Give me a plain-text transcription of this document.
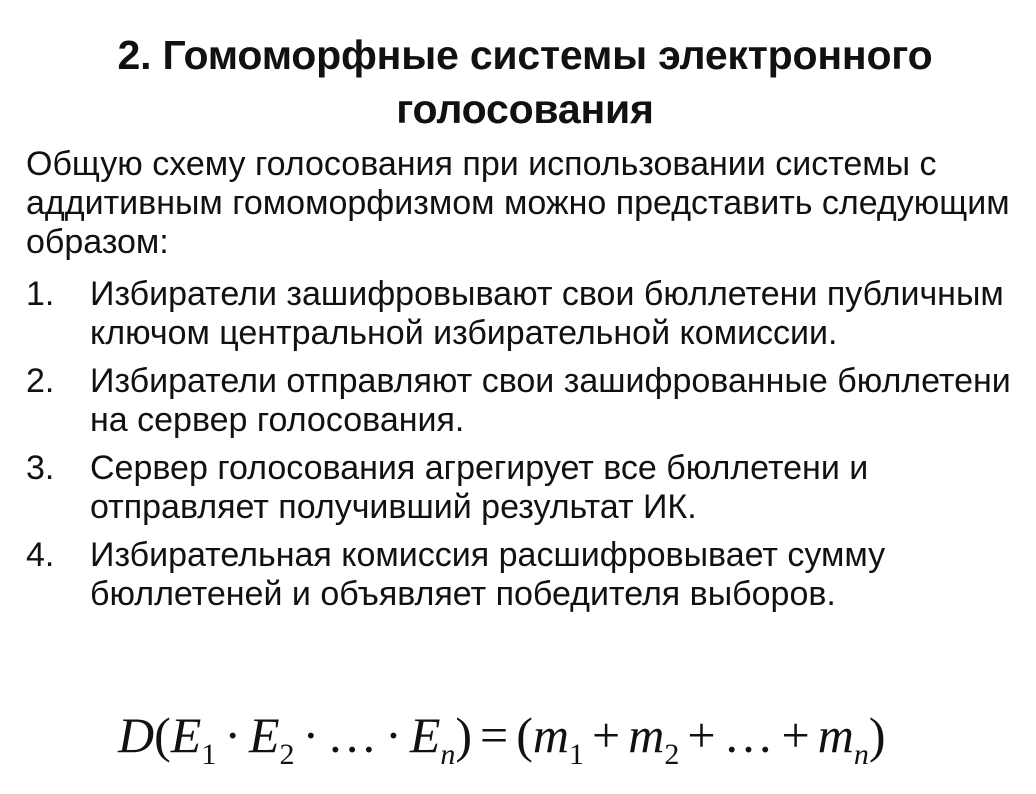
2. Гомоморфные системы электронного голосования

Общую схему голосования при использовании системы с аддитивным гомоморфизмом можно представить следующим образом:

1. Избиратели зашифровывают свои бюллетени публичным ключом центральной избирательной комиссии.
2. Избиратели отправляют свои зашифрованные бюллетени на сервер голосования.
3. Сервер голосования агрегирует все бюллетени и отправляет получивший результат ИК.
4. Избирательная комиссия расшифровывает сумму бюллетеней и объявляет победителя выборов.
$D(E_1 \cdot E_2$ · … · $E_n) = (m_1 + m_2$ + … + $m_n$)
